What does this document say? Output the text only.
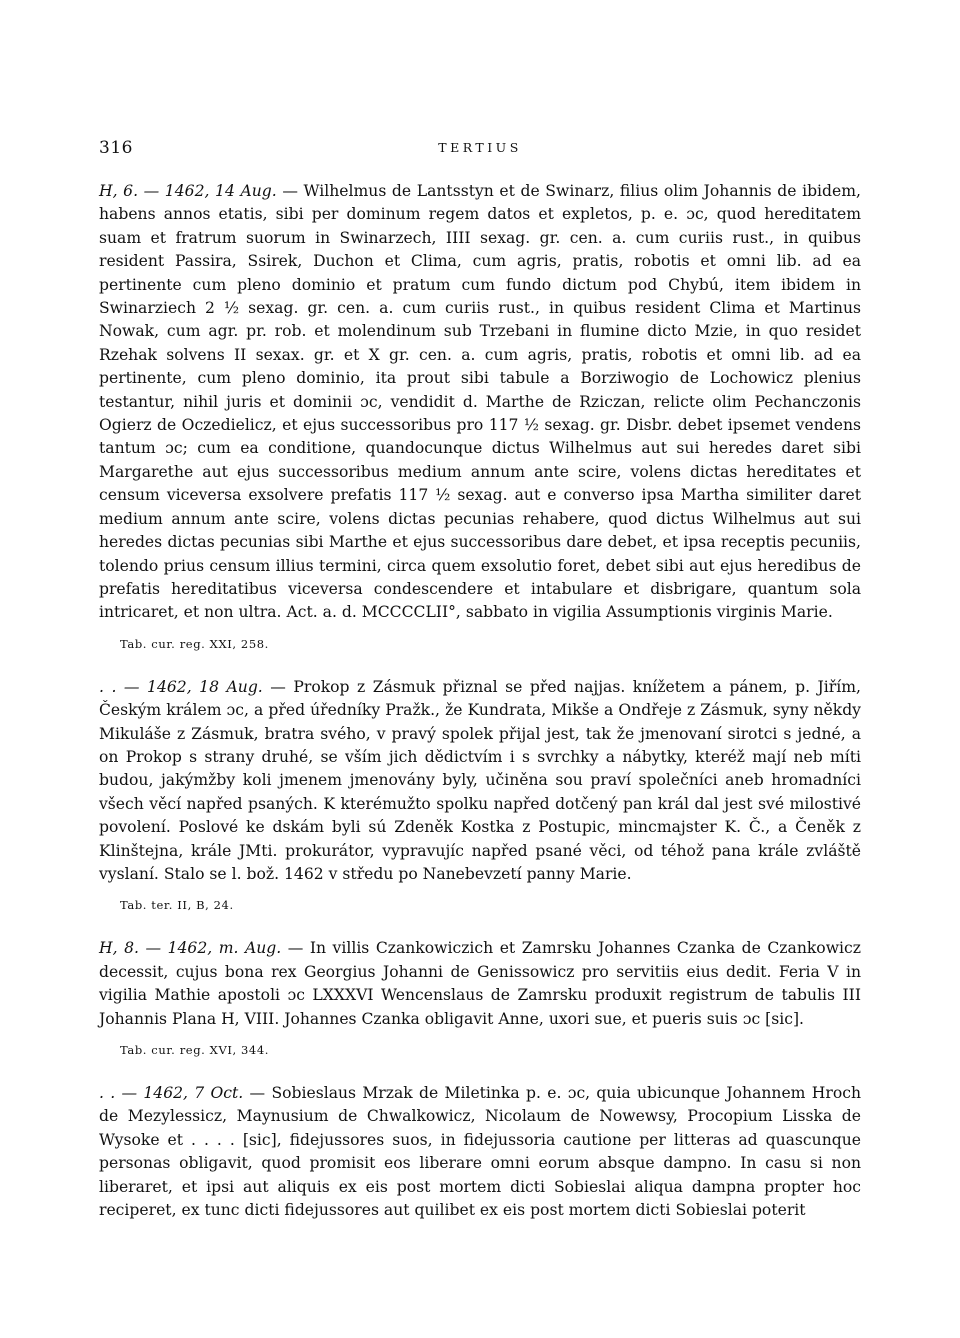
316	TERTIUS

H, 6. — 1462, 14 Aug. — Wilhelmus de Lantsstyn et de Swinarz, filius olim Johannis de ibidem, habens annos etatis, sibi per dominum regem datos et expletos, p. e. ɔc, quod hereditatem suam et fratrum suorum in Swinarzech, IIII sexag. gr. cen. a. cum curiis rust., in quibus resident Passira, Ssirek, Duchon et Clima, cum agris, pratis, robotis et omni lib. ad ea pertinente cum pleno dominio et pratum cum fundo dictum pod Chybú, item ibidem in Swinarziech 2 ½ sexag. gr. cen. a. cum curiis rust., in quibus resident Clima et Martinus Nowak, cum agr. pr. rob. et molendinum sub Trzebani in flumine dicto Mzie, in quo residet Rzehak solvens II sexax. gr. et X gr. cen. a. cum agris, pratis, robotis et omni lib. ad ea pertinente, cum pleno dominio, ita prout sibi tabule a Borziwogio de Lochowicz plenius testantur, nihil juris et dominii ɔc, vendidit d. Marthe de Rziczan, relicte olim Pechanczonis Ogierz de Oczedielicz, et ejus successoribus pro 117 ½ sexag. gr. Disbr. debet ipsemet vendens tantum ɔc; cum ea conditione, quandocunque dictus Wilhelmus aut sui heredes daret sibi Margarethe aut ejus successoribus medium annum ante scire, volens dictas hereditates et censum viceversa exsolvere prefatis 117 ½ sexag. aut e converso ipsa Martha similiter daret medium annum ante scire, volens dictas pecunias rehabere, quod dictus Wilhelmus aut sui heredes dictas pecunias sibi Marthe et ejus successoribus dare debet, et ipsa receptis pecuniis, tolendo prius censum illius termini, circa quem exsolutio foret, debet sibi aut ejus heredibus de prefatis hereditatibus viceversa condescendere et intabulare et disbrigare, quantum sola intricaret, et non ultra. Act. a. d. MCCCCLII°, sabbato in vigilia Assumptionis virginis Marie.

Tab. cur. reg. XXI, 258.

. . — 1462, 18 Aug. — Prokop z Zásmuk přiznal se před najjas. knížetem a pánem, p. Jiřím, Českým králem ɔc, a před úředníky Pražk., že Kundrata, Mikše a Ondřeje z Zásmuk, syny někdy Mikuláše z Zásmuk, bratra svého, v pravý spolek přijal jest, tak že jmenovaní sirotci s jedné, a on Prokop s strany druhé, se vším jich dědictvím i s svrchky a nábytky, kteréž mají neb míti budou, jakýmžby koli jmenem jmenovány byly, učiněna sou praví společníci aneb hromadníci všech věcí napřed psaných. K kterémužto spolku napřed dotčený pan král dal jest své milostivé povolení. Poslové ke dskám byli sú Zdeněk Kostka z Postupic, mincmajster K. Č., a Čeněk z Klinštejna, krále JMti. prokurátor, vypravujíc napřed psané věci, od téhož pana krále zvláště vyslaní. Stalo se l. bož. 1462 v středu po Nanebevzetí panny Marie.

Tab. ter. II, B, 24.

H, 8. — 1462, m. Aug. — In villis Czankowiczich et Zamrsku Johannes Czanka de Czankowicz decessit, cujus bona rex Georgius Johanni de Genissowicz pro servitiis eius dedit. Feria V in vigilia Mathie apostoli ɔc LXXXVI Wencenslaus de Zamrsku produxit registrum de tabulis III Johannis Plana H, VIII. Johannes Czanka obligavit Anne, uxori sue, et pueris suis ɔc [sic].

Tab. cur. reg. XVI, 344.

. . — 1462, 7 Oct. — Sobieslaus Mrzak de Miletinka p. e. ɔc, quia ubicunque Johannem Hroch de Mezylessicz, Maynusium de Chwalkowicz, Nicolaum de Nowewsy, Procopium Lisska de Wysoke et . . . . [sic], fidejussores suos, in fidejussoria cautione per litteras ad quascunque personas obligavit, quod promisit eos liberare omni eorum absque dampno. In casu si non liberaret, et ipsi aut aliquis ex eis post mortem dicti Sobieslai aliqua dampna propter hoc reciperet, ex tunc dicti fidejussores aut quilibet ex eis post mortem dicti Sobieslai poterit
